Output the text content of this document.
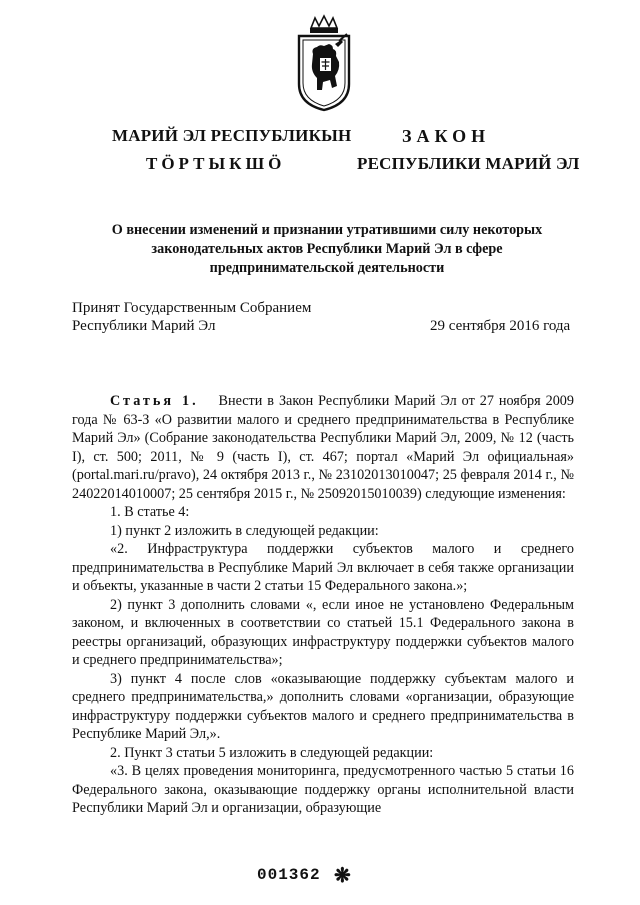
МАРИЙ ЭЛ РЕСПУБЛИКЫН
ТӦРТЫКШӦ
ЗАКОН
РЕСПУБЛИКИ МАРИЙ ЭЛ
О внесении изменений и признании утратившими силу некоторых законодательных актов Республики Марий Эл в сфере предпринимательской деятельности
Принят Государственным Собранием
Республики Марий Эл	29 сентября 2016 года

Статья 1. Внести в Закон Республики Марий Эл от 27 ноября 2009 года № 63-З «О развитии малого и среднего предпринимательства в Республике Марий Эл» (Собрание законодательства Республики Марий Эл, 2009, № 12 (часть I), ст. 500; 2011, № 9 (часть I), ст. 467; портал «Марий Эл официальная» (portal.mari.ru/pravo), 24 октября 2013 г., № 23102013010047; 25 февраля 2014 г., № 24022014010007; 25 сентября 2015 г., № 25092015010039) следующие изменения:

1. В статье 4:

1) пункт 2 изложить в следующей редакции:

«2. Инфраструктура поддержки субъектов малого и среднего предпринимательства в Республике Марий Эл включает в себя также организации и объекты, указанные в части 2 статьи 15 Федерального закона.»;

2) пункт 3 дополнить словами «, если иное не установлено Федеральным законом, и включенных в соответствии со статьей 15.1 Федерального закона в реестры организаций, образующих инфраструктуру поддержки субъектов малого и среднего предпринимательства»;

3) пункт 4 после слов «оказывающие поддержку субъектам малого и среднего предпринимательства,» дополнить словами «организации, образующие инфраструктуру поддержки субъектов малого и среднего предпринимательства в Республике Марий Эл,».

2. Пункт 3 статьи 5 изложить в следующей редакции:

«3. В целях проведения мониторинга, предусмотренного частью 5 статьи 16 Федерального закона, оказывающие поддержку органы исполнительной власти Республики Марий Эл и организации, образующие

001362 ❋
